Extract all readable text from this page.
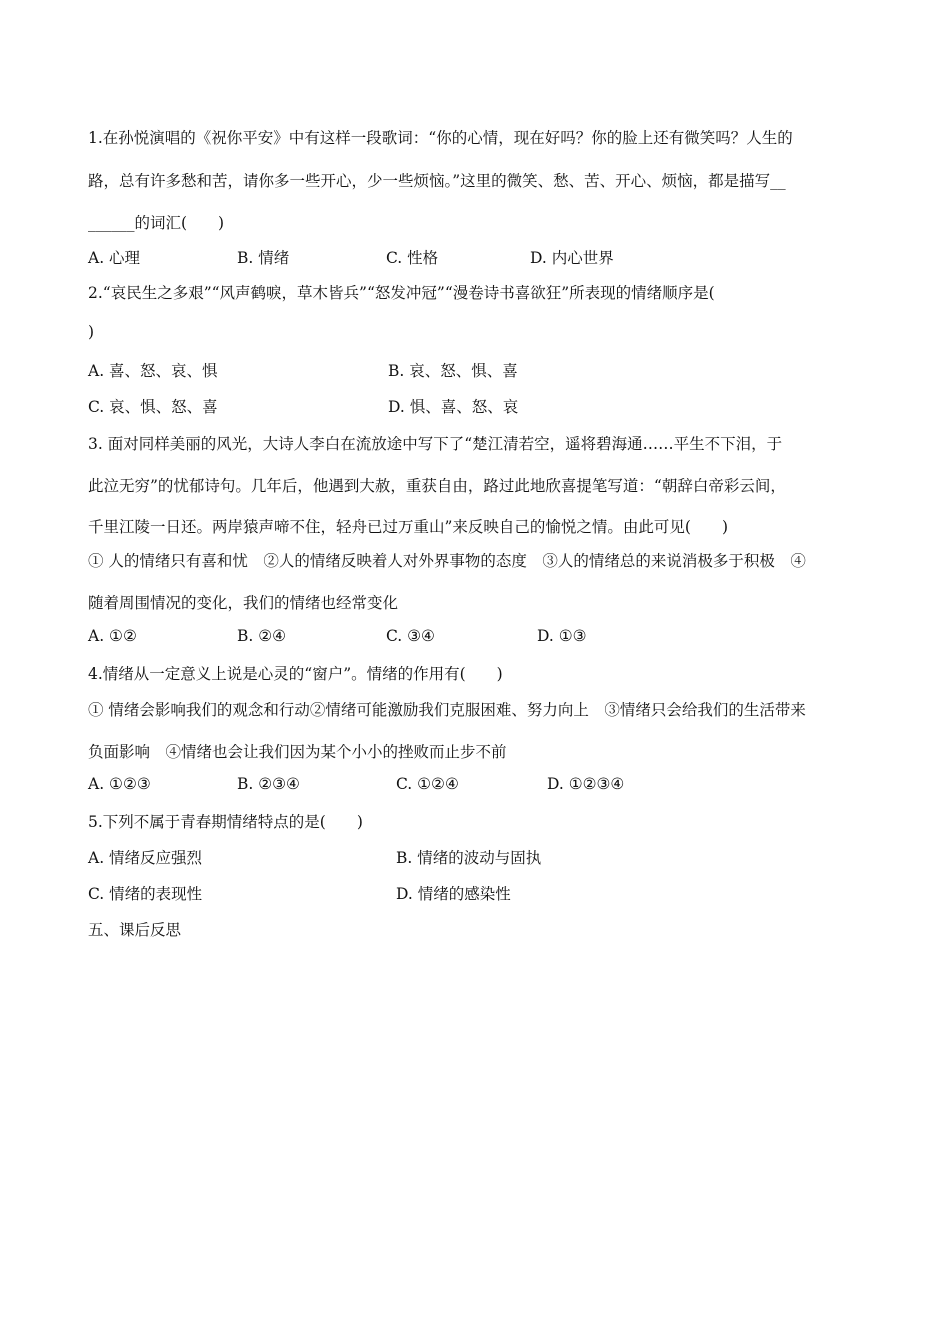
1.在孙悦演唱的《祝你平安》中有这样一段歌词：“你的心情，现在好吗？你的脸上还有微笑吗？人生的
路，总有许多愁和苦，请你多一些开心，少一些烦恼。”这里的微笑、愁、苦、开心、烦恼，都是描写__
______的词汇(　　)
A. 心理	B. 情绪	C. 性格	D. 内心世界
2.“哀民生之多艰”“风声鹤唳，草木皆兵”“怒发冲冠”“漫卷诗书喜欲狂”所表现的情绪顺序是(
)
A. 喜、怒、哀、惧	B. 哀、怒、惧、喜
C. 哀、惧、怒、喜	D. 惧、喜、怒、哀
3. 面对同样美丽的风光，大诗人李白在流放途中写下了“楚江清若空，遥将碧海通……平生不下泪，于
此泣无穷”的忧郁诗句。几年后，他遇到大赦，重获自由，路过此地欣喜提笔写道：“朝辞白帝彩云间，
千里江陵一日还。两岸猿声啼不住，轻舟已过万重山”来反映自己的愉悦之情。由此可见(　　)
① 人的情绪只有喜和忧　②人的情绪反映着人对外界事物的态度　③人的情绪总的来说消极多于积极　④
随着周围情况的变化，我们的情绪也经常变化
A. ①②	B. ②④	C. ③④	D. ①③
4.情绪从一定意义上说是心灵的“窗户”。情绪的作用有(　　)
① 情绪会影响我们的观念和行动②情绪可能激励我们克服困难、努力向上　③情绪只会给我们的生活带来
负面影响　④情绪也会让我们因为某个小小的挫败而止步不前
A. ①②③	B. ②③④	C. ①②④	D. ①②③④
5.下列不属于青春期情绪特点的是(　　)
A. 情绪反应强烈	B. 情绪的波动与固执
C. 情绪的表现性	D. 情绪的感染性
五、课后反思
